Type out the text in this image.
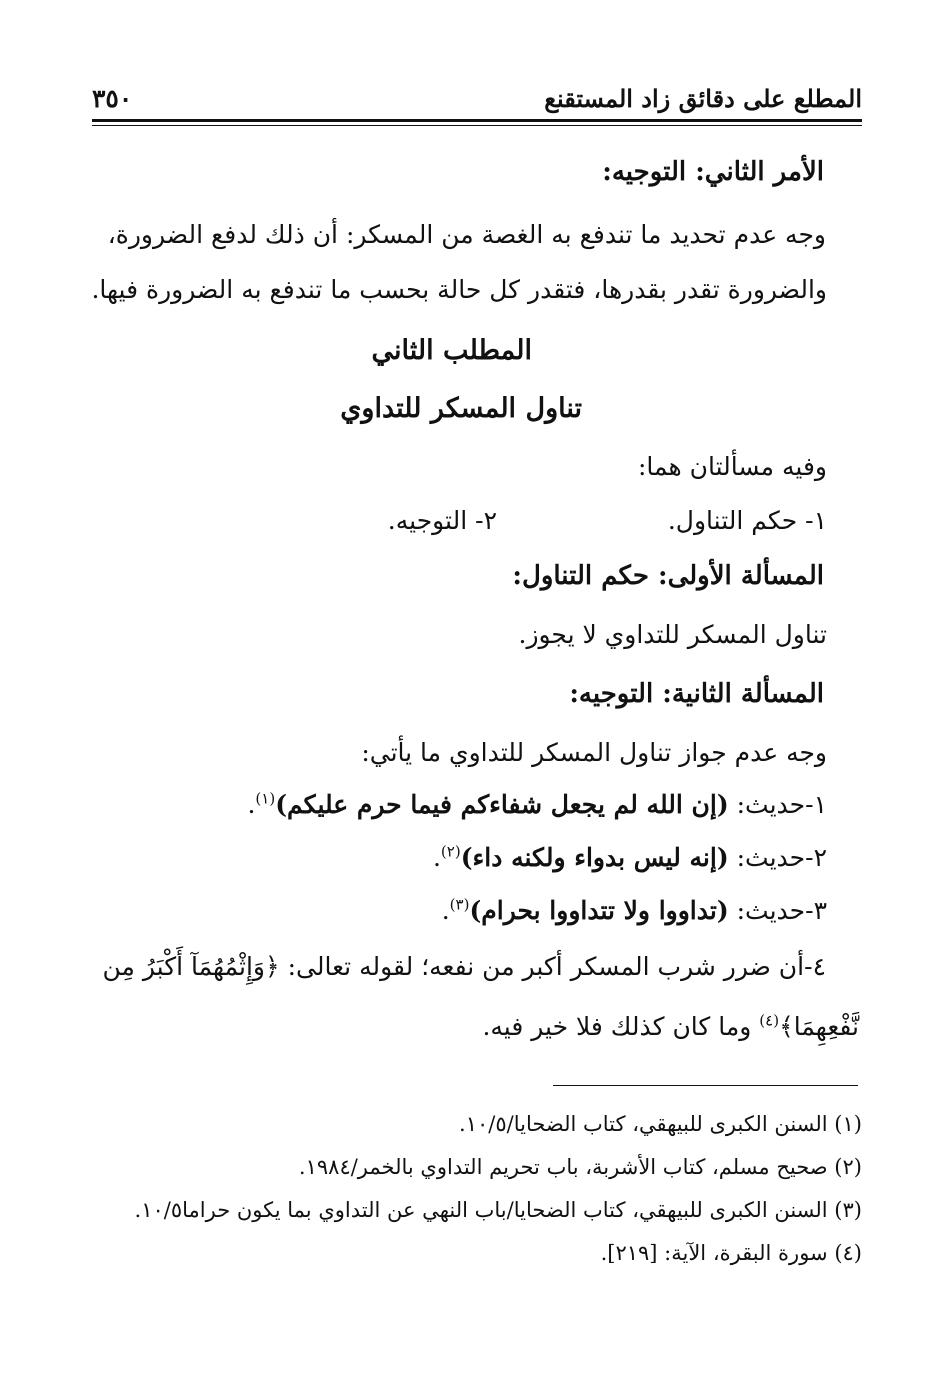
المطلع على دقائق زاد المستقنع
٣٥٠
الأمر الثاني: التوجيه:
وجه عدم تحديد ما تندفع به الغصة من المسكر: أن ذلك لدفع الضرورة،
والضرورة تقدر بقدرها، فتقدر كل حالة بحسب ما تندفع به الضرورة فيها.
المطلب الثاني
تناول المسكر للتداوي
وفيه مسألتان هما:
١- حكم التناول.
٢- التوجيه.
المسألة الأولى: حكم التناول:
تناول المسكر للتداوي لا يجوز.
المسألة الثانية: التوجيه:
وجه عدم جواز تناول المسكر للتداوي ما يأتي:
١-حديث: (إن الله لم يجعل شفاءكم فيما حرم عليكم)$^{(١)}$.
٢-حديث: (إنه ليس بدواء ولكنه داء)$^{(٢)}$.
٣-حديث: (تداووا ولا تتداووا بحرام)$^{(٣)}$.
٤-أن ضرر شرب المسكر أكبر من نفعه؛ لقوله تعالى: ﴿وَإِثْمُهُمَآ أَكْبَرُ مِن
نَّفْعِهِمَا﴾$^{(٤)}$ وما كان كذلك فلا خير فيه.
(١) السنن الكبرى للبيهقي، كتاب الضحايا/١٠/٥.
(٢) صحيح مسلم، كتاب الأشربة، باب تحريم التداوي بالخمر/١٩٨٤.
(٣) السنن الكبرى للبيهقي، كتاب الضحايا/باب النهي عن التداوي بما يكون حراما١٠/٥.
(٤) سورة البقرة، الآية: [٢١٩].
